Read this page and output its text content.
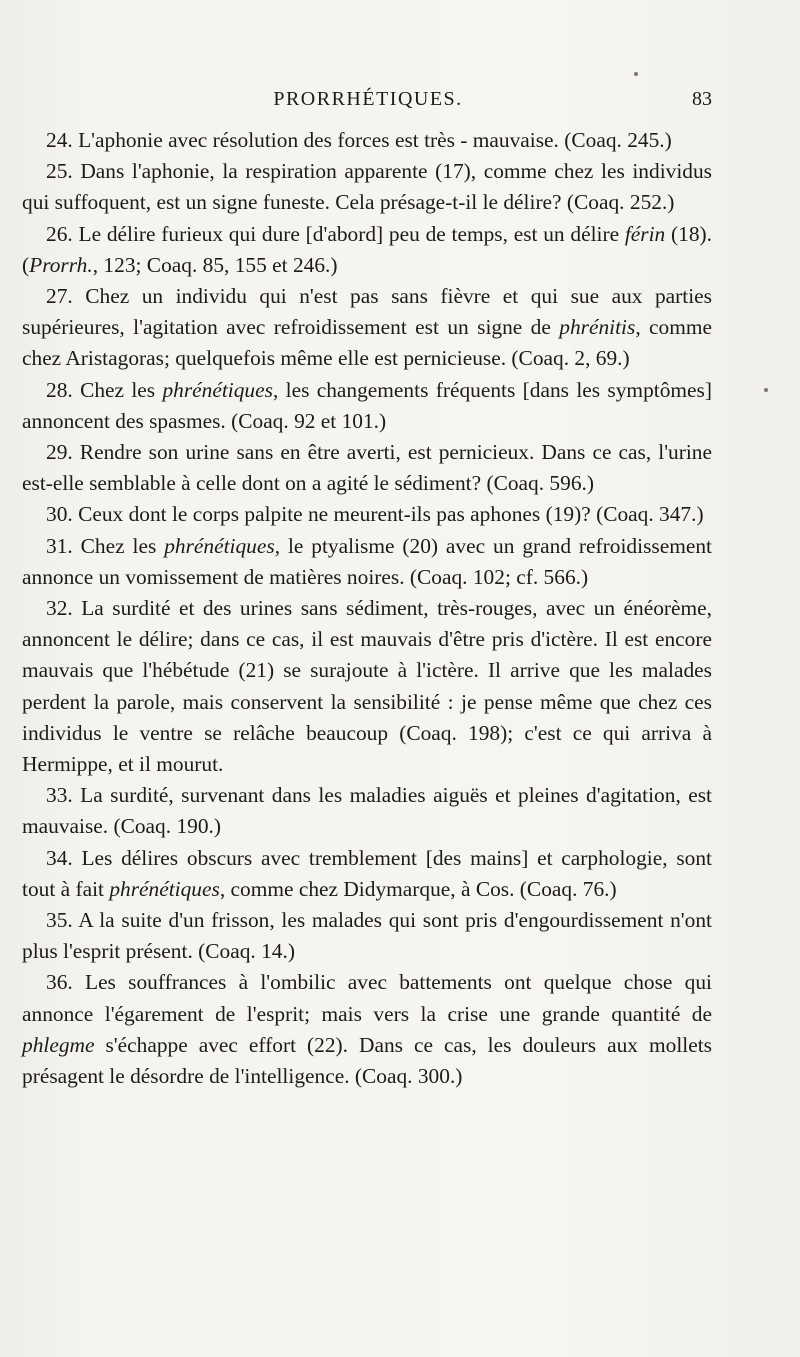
PRORRHÉTIQUES.	83

24. L'aphonie avec résolution des forces est très - mauvaise. (Coaq. 245.)

25. Dans l'aphonie, la respiration apparente (17), comme chez les individus qui suffoquent, est un signe funeste. Cela présage-t-il le délire? (Coaq. 252.)

26. Le délire furieux qui dure [d'abord] peu de temps, est un délire férin (18). (Prorrh., 123; Coaq. 85, 155 et 246.)

27. Chez un individu qui n'est pas sans fièvre et qui sue aux parties supérieures, l'agitation avec refroidissement est un signe de phrénitis, comme chez Aristagoras; quelquefois même elle est pernicieuse. (Coaq. 2, 69.)

28. Chez les phrénétiques, les changements fréquents [dans les symptômes] annoncent des spasmes. (Coaq. 92 et 101.)

29. Rendre son urine sans en être averti, est pernicieux. Dans ce cas, l'urine est-elle semblable à celle dont on a agité le sédiment? (Coaq. 596.)

30. Ceux dont le corps palpite ne meurent-ils pas aphones (19)? (Coaq. 347.)

31. Chez les phrénétiques, le ptyalisme (20) avec un grand refroidissement annonce un vomissement de matières noires. (Coaq. 102; cf. 566.)

32. La surdité et des urines sans sédiment, très-rouges, avec un énéorème, annoncent le délire; dans ce cas, il est mauvais d'être pris d'ictère. Il est encore mauvais que l'hébétude (21) se surajoute à l'ictère. Il arrive que les malades perdent la parole, mais conservent la sensibilité : je pense même que chez ces individus le ventre se relâche beaucoup (Coaq. 198); c'est ce qui arriva à Hermippe, et il mourut.

33. La surdité, survenant dans les maladies aiguës et pleines d'agitation, est mauvaise. (Coaq. 190.)

34. Les délires obscurs avec tremblement [des mains] et carphologie, sont tout à fait phrénétiques, comme chez Didymarque, à Cos. (Coaq. 76.)

35. A la suite d'un frisson, les malades qui sont pris d'engourdissement n'ont plus l'esprit présent. (Coaq. 14.)

36. Les souffrances à l'ombilic avec battements ont quelque chose qui annonce l'égarement de l'esprit; mais vers la crise une grande quantité de phlegme s'échappe avec effort (22). Dans ce cas, les douleurs aux mollets présagent le désordre de l'intelligence. (Coaq. 300.)
